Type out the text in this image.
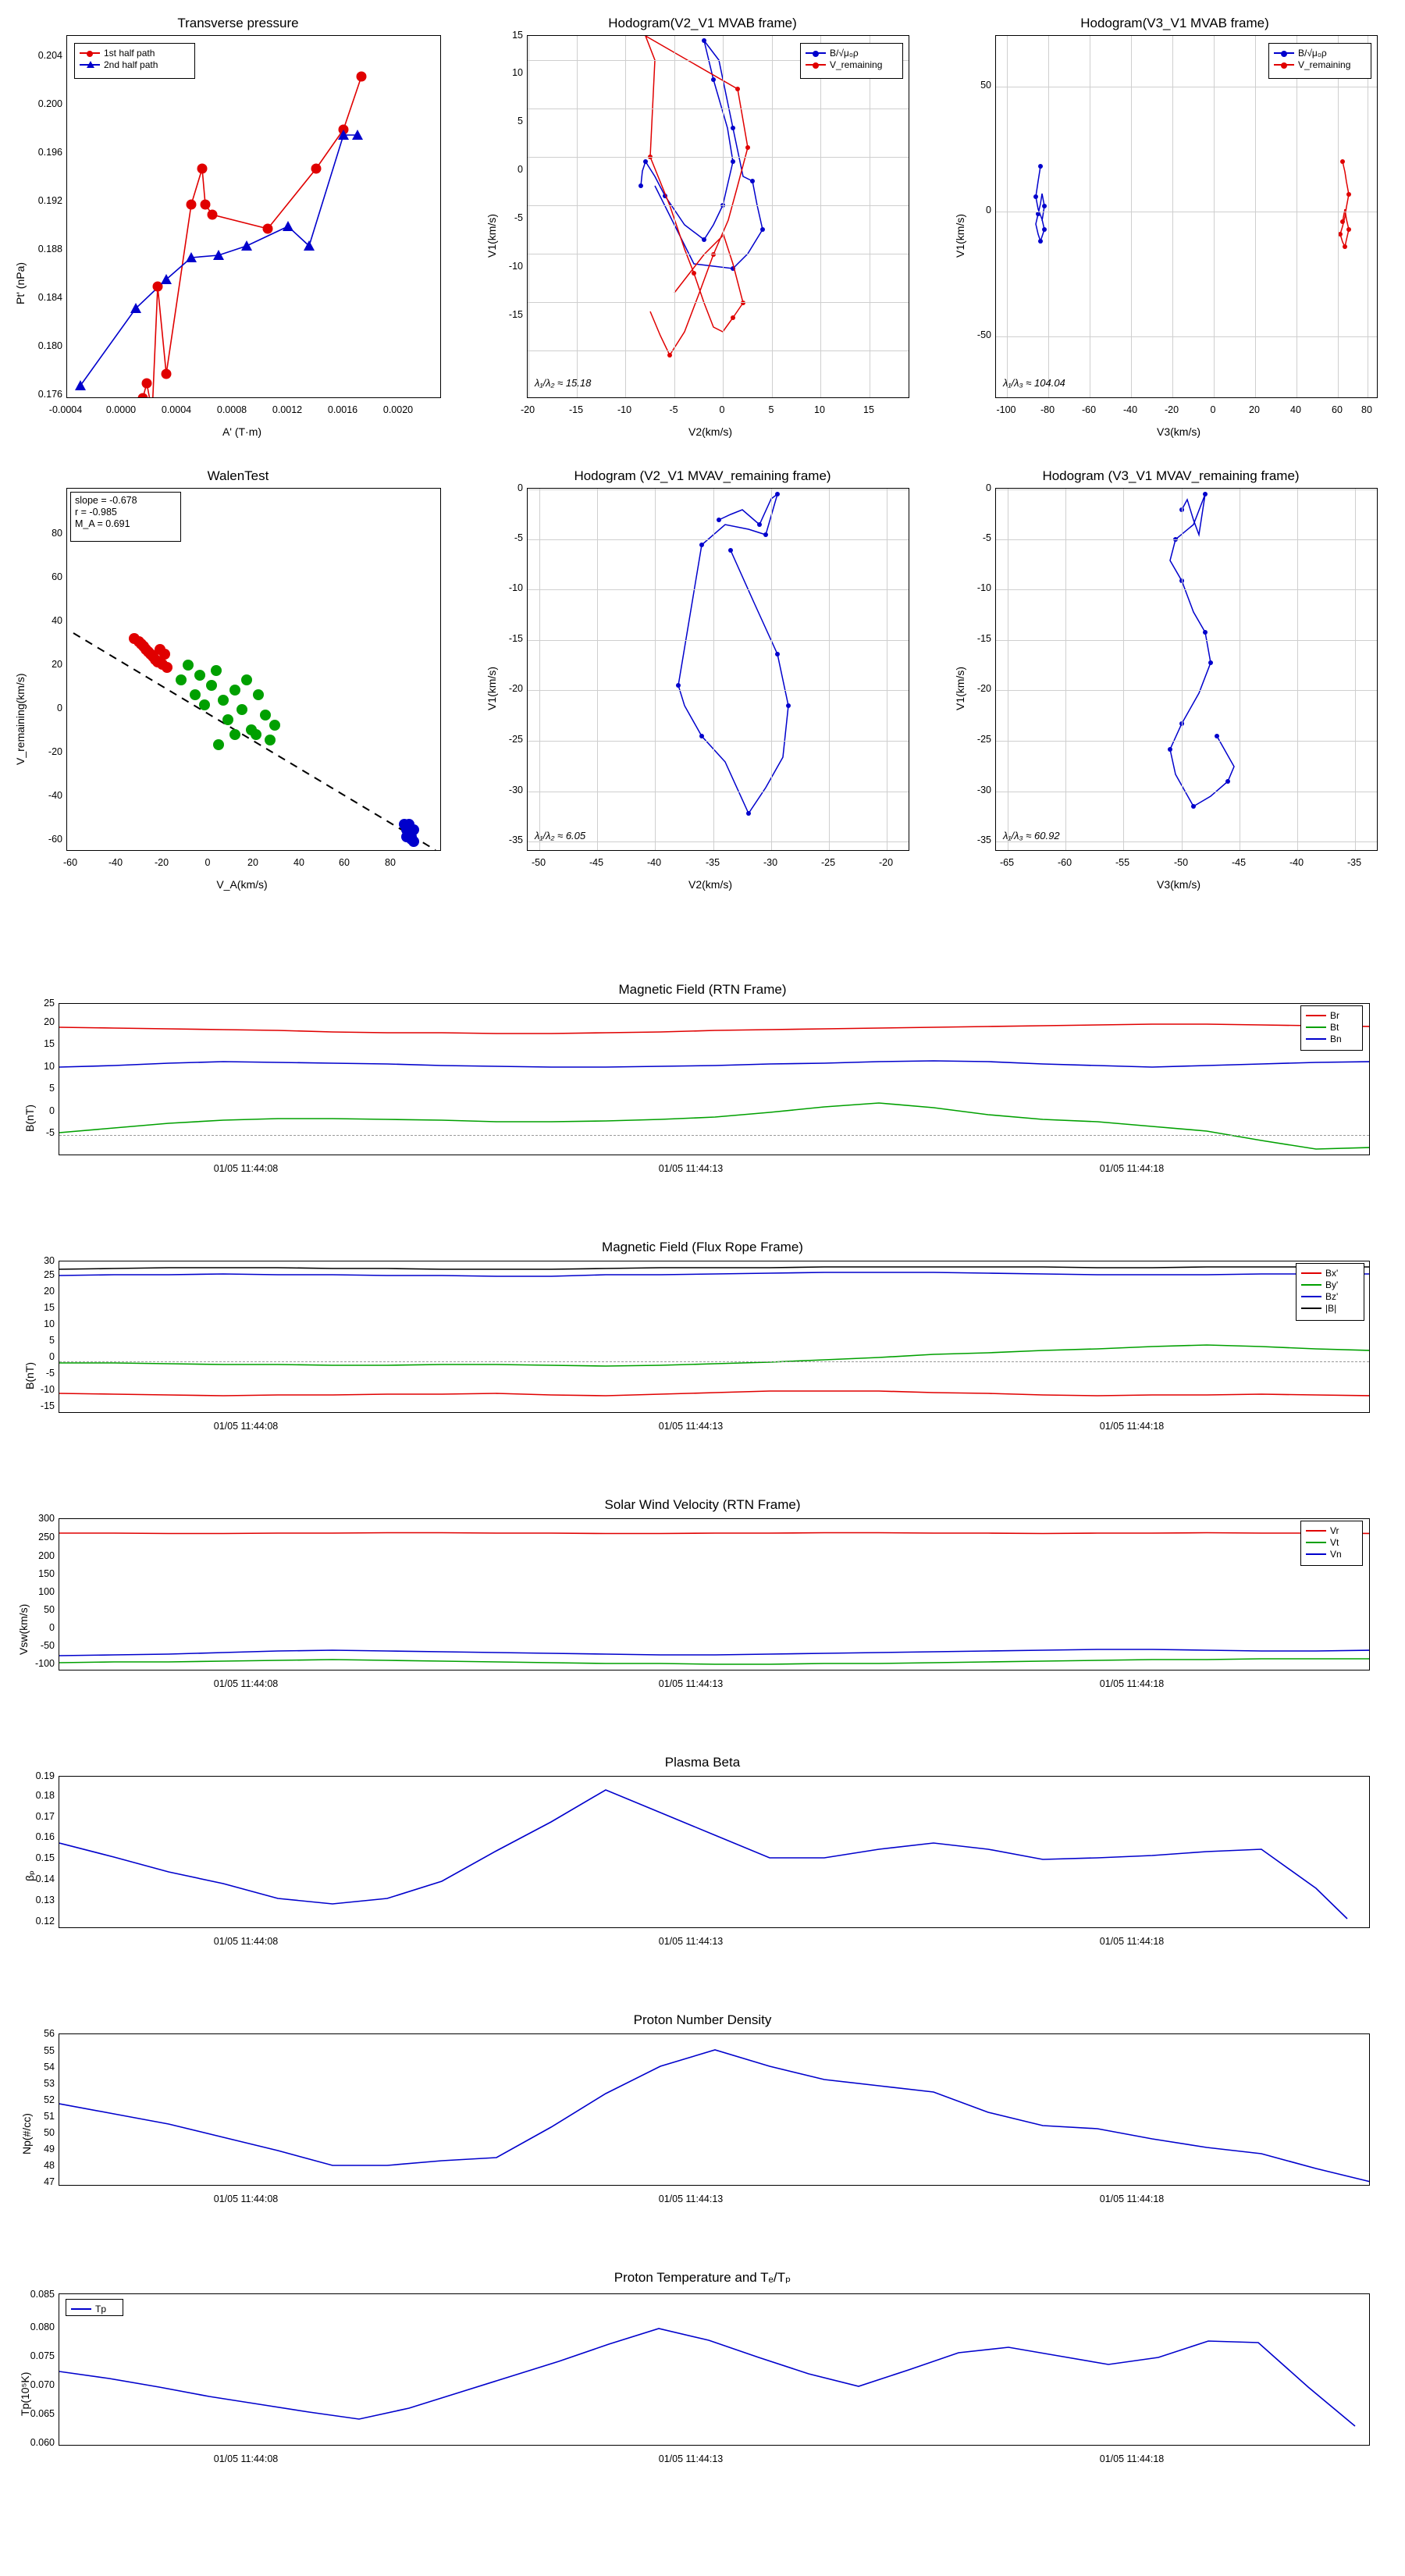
Transverse pressure
Pt' (nPa)
A' (T·m)
0.176
0.180
0.184
0.188
0.192
0.196
0.200
0.204
-0.0004	0.0000	0.0004	0.0008	0.0012	0.0016	0.0020
1st half path
2nd half path
Hodogram(V2_V1 MVAB frame)
V1(km/s)
V2(km/s)
-15
-10
-5
0
5
10
15
-20	-15	-10	-5	0	5	10	15
λ₁/λ₂ ≈ 15.18
B/√μ₀ρ
V_remaining
Hodogram(V3_V1 MVAB frame)
V1(km/s)
V3(km/s)
-50
0
50
-100	-80	-60	-40	-20	0	20	40	60	80
λ₁/λ₃ ≈ 104.04
B/√μ₀ρ
V_remaining
WalenTest
V_remaining(km/s)
V_A(km/s)
slope = -0.678
r = -0.985
M_A = 0.691
-60
-40
-20
0
20
40
60
80
-60	-40	-20	0	20	40	60	80
Hodogram (V2_V1 MVAV_remaining frame)
V1(km/s)
V2(km/s)
-35
-30
-25
-20
-15
-10
-5
0
-50	-45	-40	-35	-30	-25	-20
λ₁/λ₂ ≈ 6.05
Hodogram (V3_V1 MVAV_remaining frame)
V1(km/s)
V3(km/s)
-35
-30
-25
-20
-15
-10
-5
0
-65	-60	-55	-50	-45	-40	-35
λ₁/λ₃ ≈ 60.92
Magnetic Field (RTN Frame)
B(nT)
-5
0
5
10
15
20
25
01/05 11:44:08	01/05 11:44:13	01/05 11:44:18
Br
Bt
Bn
Magnetic Field (Flux Rope Frame)
B(nT)
-15
-10
-5
0
5
10
15
20
25
30
01/05 11:44:08	01/05 11:44:13	01/05 11:44:18
Bx'
By'
Bz'
|B|
Solar Wind Velocity (RTN Frame)
Vsw(km/s)
-100
-50
0
50
100
150
200
250
300
01/05 11:44:08	01/05 11:44:13	01/05 11:44:18
Vr
Vt
Vn
Plasma Beta
βₚ
0.12
0.13
0.14
0.15
0.16
0.17
0.18
0.19
01/05 11:44:08	01/05 11:44:13	01/05 11:44:18
Proton Number Density
Np(#/cc)
47
48
49
50
51
52
53
54
55
56
01/05 11:44:08	01/05 11:44:13	01/05 11:44:18
Proton Temperature and Tₑ/Tₚ
Tp(10⁵K)
Tp
0.060
0.065
0.070
0.075
0.080
0.085
01/05 11:44:08	01/05 11:44:13	01/05 11:44:18
